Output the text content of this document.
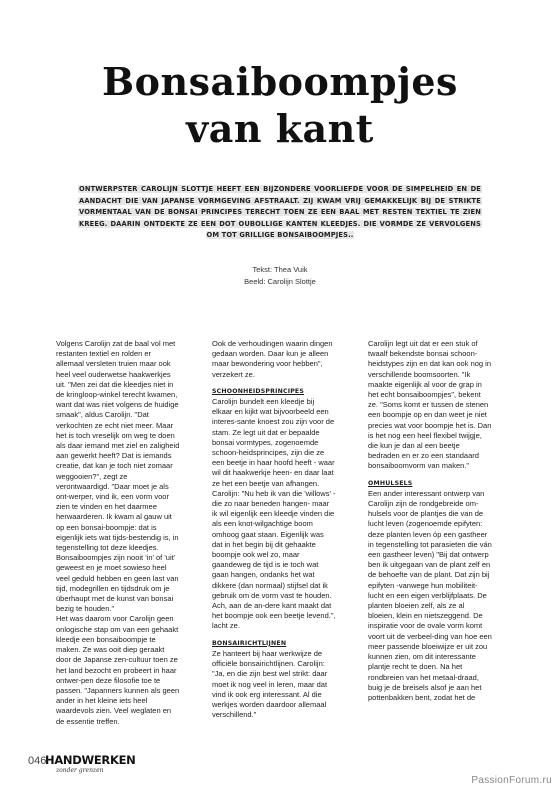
Bonsaiboompjes
van kant

ONTWERPSTER CAROLIJN SLOTTJE HEEFT EEN BIJZONDERE VOORLIEFDE VOOR DE SIMPELHEID EN DE AANDACHT DIE VAN JAPANSE VORMGEVING AFSTRAALT. ZIJ KWAM VRIJ GEMAKKELIJK BIJ DE STRIKTE VORMENTAAL VAN DE BONSAI PRINCIPES TERECHT TOEN ZE EEN BAAL MET RESTEN TEXTIEL TE ZIEN KREEG. DAARIN ONTDEKTE ZE EEN DOT OUBOLLIGE KANTEN KLEEDJES. DIE VORMDE ZE VERVOLGENS OM TOT GRILLIGE BONSAIBOOMPJES..

Tekst: Thea Vuik
Beeld: Carolijn Slottje

Volgens Carolijn zat de baal vol met restanten textiel en rolden er allemaal versleten truien maar ook heel veel ouderwetse haakwerkjes uit. "Men zei dat die kleedjes niet in de kringloop-winkel terecht kwamen, want dat was niet volgens de huidige smaak", aldus Carolijn. "Dat verkochten ze echt niet meer. Maar het is toch vreselijk om weg te doen als daar iemand met ziel en zaligheid aan gewerkt heeft? Dat is iemands creatie, dat kan je toch niet zomaar weggooien?", zegt ze verontwaardigd. "Daar moet je als ont-werper, vind ik, een vorm voor zien te vinden en het daarmee herwaarderen. Ik kwam al gauw uit op een bonsai-boompje: dat is eigenlijk iets wat tijds-bestendig is, in tegenstelling tot deze kleedjes. Bonsaiboompjes zijn nooit 'in' of 'uit' geweest en je moet sowieso heel veel geduld hebben en geen last van tijd, modegrillen en tijdsdruk om je überhaupt met de kunst van bonsai bezig te houden."

Het was daarom voor Carolijn geen onlogische stap om van een gehaakt kleedje een bonsaiboompje te maken. Ze was ooit diep geraakt door de Japanse zen-cultuur toen ze het land bezocht en probeert in haar ontwer-pen deze filosofie toe te passen. "Japanners kunnen als geen ander in het kleine iets heel waardevols zien. Veel weglaten en de essentie treffen.

Ook de verhoudingen waarin dingen gedaan worden. Daar kun je alleen maar bewondering voor hebben", verzekert ze.

SCHOONHEIDSPRINCIPES

Carolijn bundelt een kleedje bij elkaar en kijkt wat bijvoorbeeld een interes-sante knoest zou zijn voor de stam. Ze legt uit dat er bepaalde bonsai vormtypes, zogenoemde schoon-heidsprincipes, zijn die ze een beetje in haar hoofd heeft - waar wil dit haakwerkje heen- en daar laat ze het een beetje van afhangen. Carolijn: "Nu heb ik van die 'willows' -die zo naar beneden hangen- maar ik wil eigenlijk een kleedje vinden die als een knot-wilgachtige boom omhoog gaat staan. Eigenlijk was dat in het begin bij dit gehaakte boompje ook wel zo, maar gaandeweg de tijd is ie toch wat gaan hangen, ondanks het wat dikkere (dan normaal) stijfsel dat ik gebruik om de vorm vast te houden. Ach, aan de an-dere kant maakt dat het boompje ook een beetje levend.", lacht ze.

BONSAIRICHTLIJNEN

Ze hanteert bij haar werkwijze de officiële bonsairichtlijnen. Carolijn: "Ja, en die zijn best wel strikt: daar moet ik nog veel in leren, maar dat vind ik ook erg interessant. Al die werkjes worden daardoor allemaal verschillend."

Carolijn legt uit dat er een stuk of twaalf bekendste bonsai schoon-heidstypes zijn en dat kan ook nog in verschillende boomsoorten. "Ik maakte eigenlijk al voor de grap in het echt bonsaiboompjes", bekent ze. "Soms komt er tussen de stenen een boompje op en dan weet je niet precies wat voor boompje het is. Dan is het nog een heel flexibel twijgje, die kun je dan al een beetje bedraden en er zo een standaard bonsaiboomvorm van maken."

OMHULSELS

Een ander interessant ontwerp van Carolijn zijn de rondgebreide om-hulsels voor de plantjes die van de lucht leven (zogenoemde epifyten: deze planten leven óp een gastheer in tegenstelling tot parasieten die ván een gastheer leven) "Bij dat ontwerp ben ik uitgegaan van de plant zelf en de behoefte van de plant. Dat zijn bij epifyten -vanwege hun mobiliteit- lucht en een eigen verblijfplaats. De planten bloeien zelf, als ze al bloeien, klein en nietszeggend. De inspiratie voor de ovale vorm komt voort uit de verbeel-ding van hoe een meer passende bloeiwijze er uit zou kunnen zien, om dit interessante plantje recht te doen. Na het rondbreien van het metaal-draad, buig je de breisels alsof je aan het pottenbakken bent, zodat het de

046
HANDWERKEN
zonder grenzen
PassionForum.ru
